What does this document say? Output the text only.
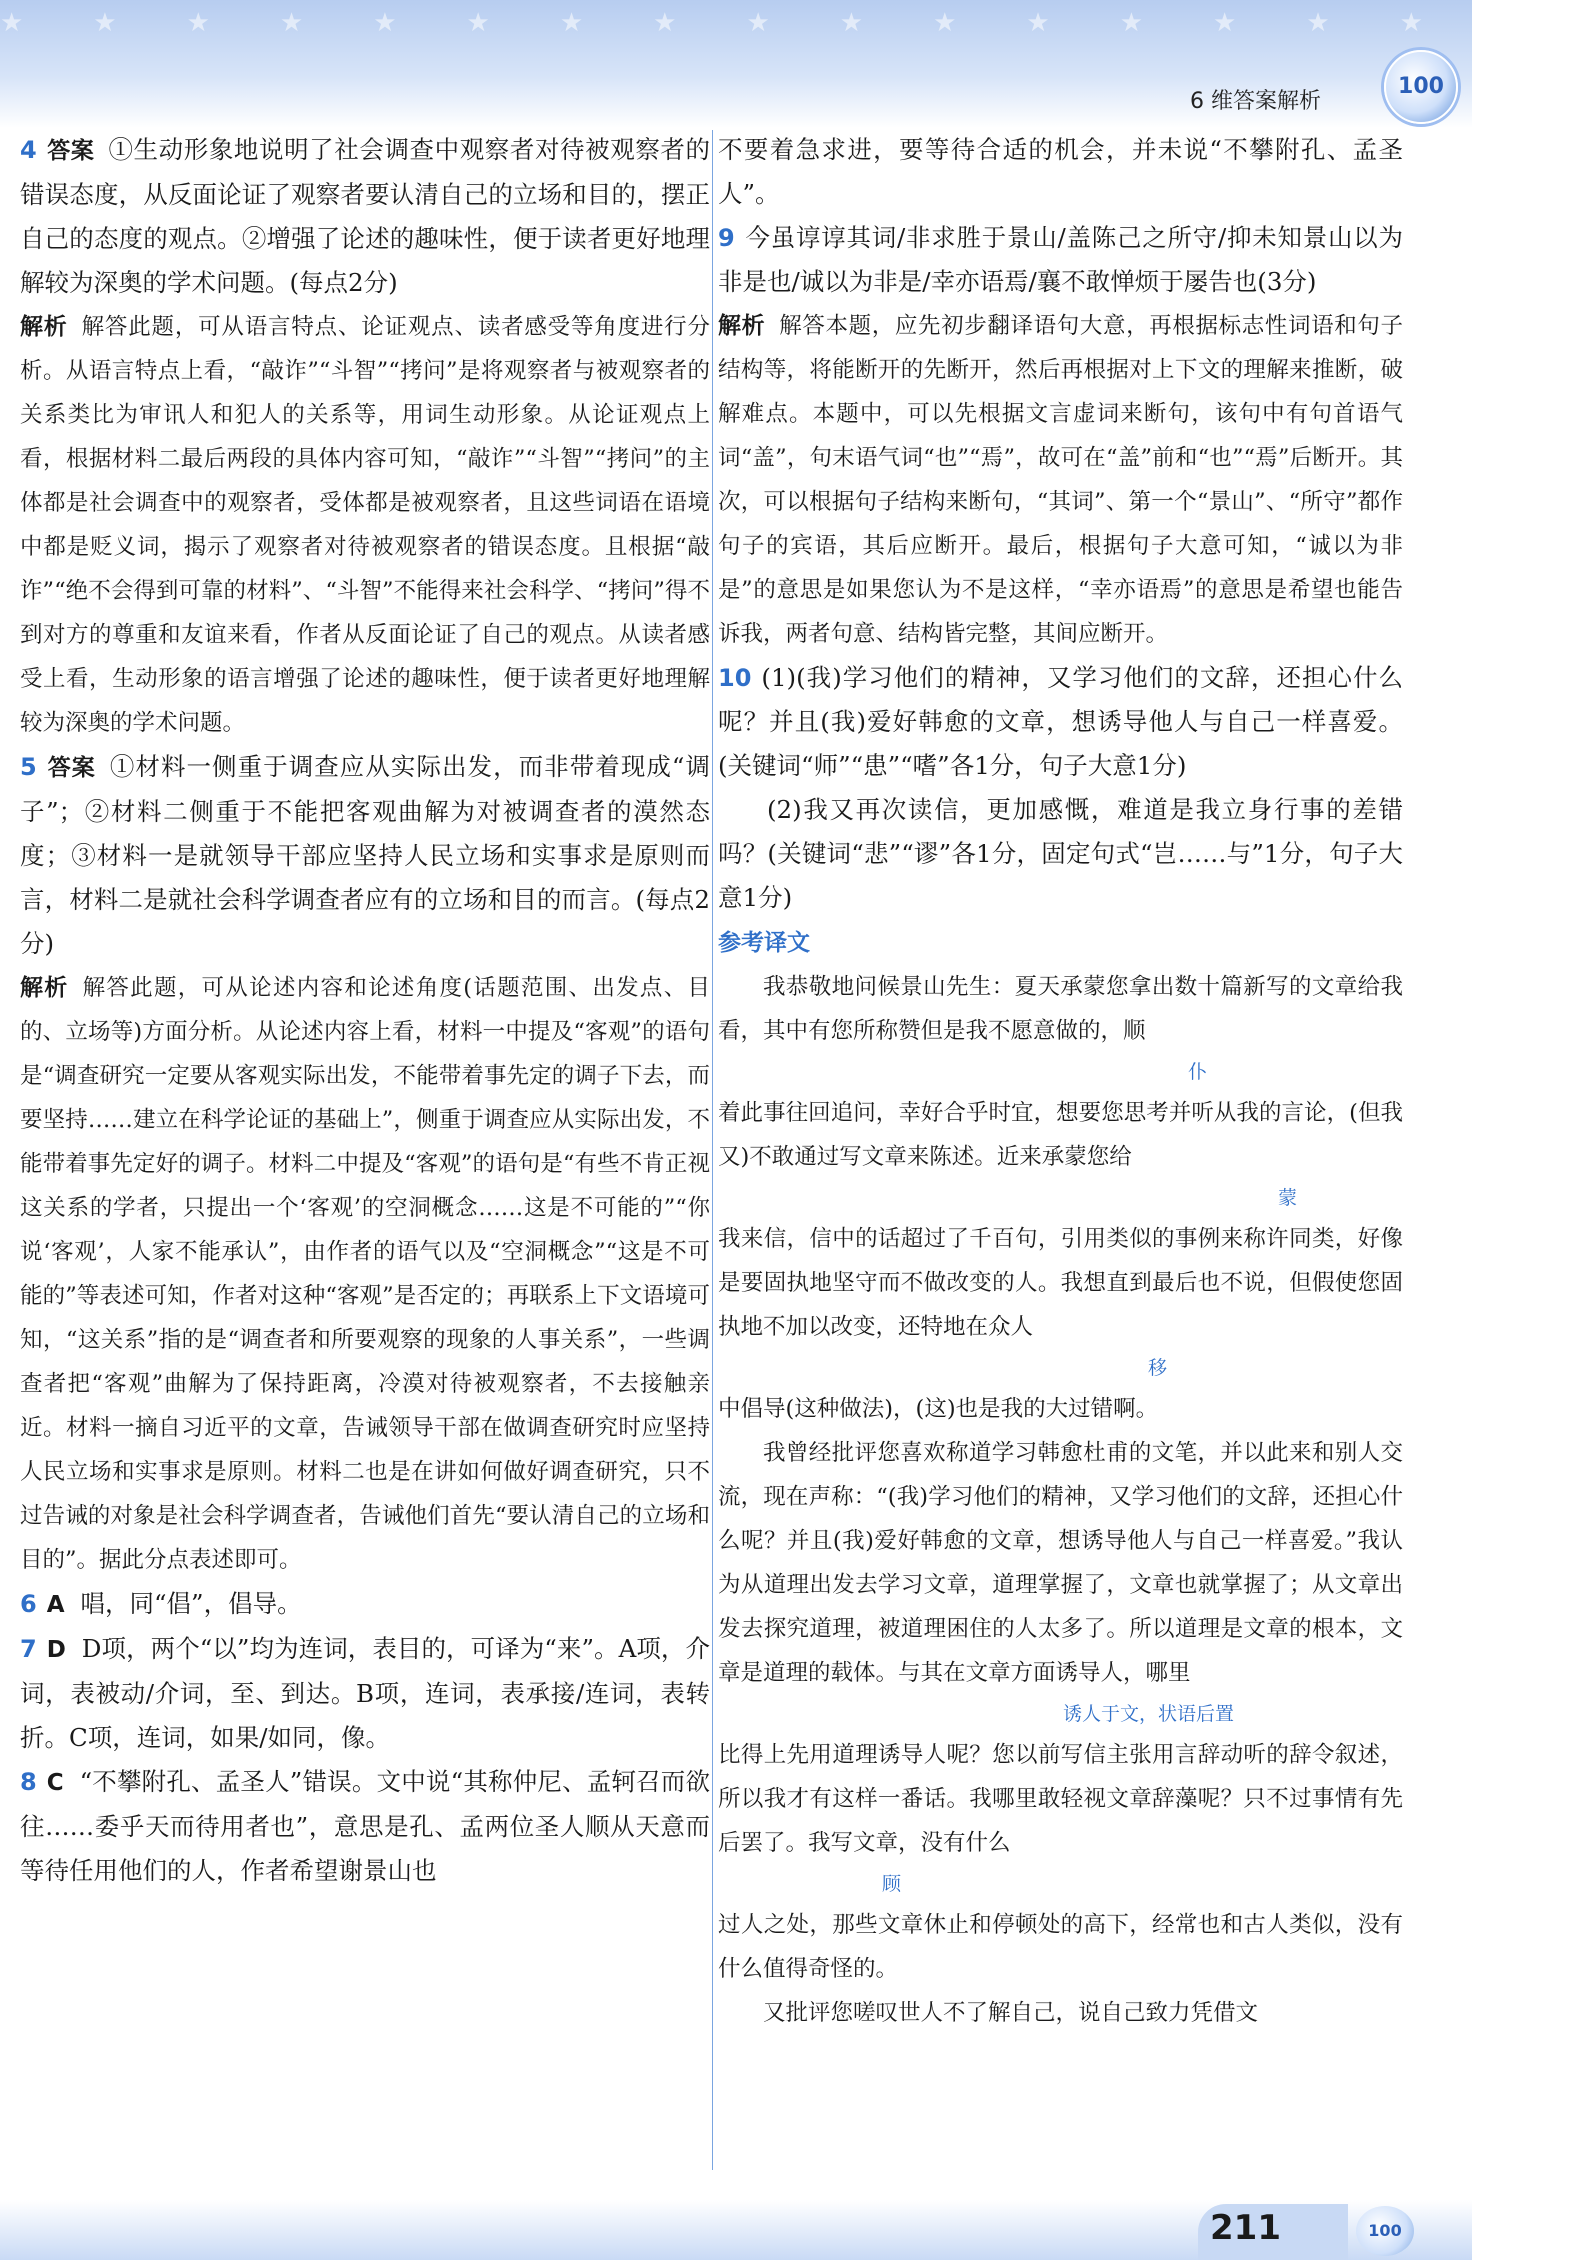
★★★★★★★★★★★★★★★★★
6 维答案解析
100

4 答案 ①生动形象地说明了社会调查中观察者对待被观察者的错误态度，从反面论证了观察者要认清自己的立场和目的，摆正自己的态度的观点。②增强了论述的趣味性，便于读者更好地理解较为深奥的学术问题。(每点2分)

解析 解答此题，可从语言特点、论证观点、读者感受等角度进行分析。从语言特点上看，“敲诈”“斗智”“拷问”是将观察者与被观察者的关系类比为审讯人和犯人的关系等，用词生动形象。从论证观点上看，根据材料二最后两段的具体内容可知，“敲诈”“斗智”“拷问”的主体都是社会调查中的观察者，受体都是被观察者，且这些词语在语境中都是贬义词，揭示了观察者对待被观察者的错误态度。且根据“敲诈”“绝不会得到可靠的材料”、“斗智”不能得来社会科学、“拷问”得不到对方的尊重和友谊来看，作者从反面论证了自己的观点。从读者感受上看，生动形象的语言增强了论述的趣味性，便于读者更好地理解较为深奥的学术问题。

5 答案 ①材料一侧重于调查应从实际出发，而非带着现成“调子”；②材料二侧重于不能把客观曲解为对被调查者的漠然态度；③材料一是就领导干部应坚持人民立场和实事求是原则而言，材料二是就社会科学调查者应有的立场和目的而言。(每点2分)

解析 解答此题，可从论述内容和论述角度(话题范围、出发点、目的、立场等)方面分析。从论述内容上看，材料一中提及“客观”的语句是“调查研究一定要从客观实际出发，不能带着事先定的调子下去，而要坚持……建立在科学论证的基础上”，侧重于调查应从实际出发，不能带着事先定好的调子。材料二中提及“客观”的语句是“有些不肯正视这关系的学者，只提出一个‘客观’的空洞概念……这是不可能的”“你说‘客观’，人家不能承认”，由作者的语气以及“空洞概念”“这是不可能的”等表述可知，作者对这种“客观”是否定的；再联系上下文语境可知，“这关系”指的是“调查者和所要观察的现象的人事关系”，一些调查者把“客观”曲解为了保持距离，冷漠对待被观察者，不去接触亲近。材料一摘自习近平的文章，告诫领导干部在做调查研究时应坚持人民立场和实事求是原则。材料二也是在讲如何做好调查研究，只不过告诫的对象是社会科学调查者，告诫他们首先“要认清自己的立场和目的”。据此分点表述即可。

6 A 唱，同“倡”，倡导。

7 D D项，两个“以”均为连词，表目的，可译为“来”。A项，介词，表被动/介词，至、到达。B项，连词，表承接/连词，表转折。C项，连词，如果/如同，像。

8 C “不攀附孔、孟圣人”错误。文中说“其称仲尼、孟轲召而欲往……委乎天而待用者也”，意思是孔、孟两位圣人顺从天意而等待任用他们的人，作者希望谢景山也

不要着急求进，要等待合适的机会，并未说“不攀附孔、孟圣人”。

9 今虽谆谆其词/非求胜于景山/盖陈己之所守/抑未知景山以为非是也/诚以为非是/幸亦语焉/襄不敢惮烦于屡告也(3分)

解析 解答本题，应先初步翻译语句大意，再根据标志性词语和句子结构等，将能断开的先断开，然后再根据对上下文的理解来推断，破解难点。本题中，可以先根据文言虚词来断句，该句中有句首语气词“盖”，句末语气词“也”“焉”，故可在“盖”前和“也”“焉”后断开。其次，可以根据句子结构来断句，“其词”、第一个“景山”、“所守”都作句子的宾语，其后应断开。最后，根据句子大意可知，“诚以为非是”的意思是如果您认为不是这样，“幸亦语焉”的意思是希望也能告诉我，两者句意、结构皆完整，其间应断开。

10 (1)(我)学习他们的精神，又学习他们的文辞，还担心什么呢？并且(我)爱好韩愈的文章，想诱导他人与自己一样喜爱。(关键词“师”“患”“嗜”各1分，句子大意1分)

(2)我又再次读信，更加感慨，难道是我立身行事的差错吗？(关键词“悲”“谬”各1分，固定句式“岂……与”1分，句子大意1分)

参考译文

我恭敬地问候景山先生：夏天承蒙您拿出数十篇新写的文章给我看，其中有您所称赞但是我不愿意做的，顺

仆

着此事往回追问，幸好合乎时宜，想要您思考并听从我的言论，(但我又)不敢通过写文章来陈述。近来承蒙您给

蒙

我来信，信中的话超过了千百句，引用类似的事例来称许同类，好像是要固执地坚守而不做改变的人。我想直到最后也不说，但假使您固执地不加以改变，还特地在众人

移

中倡导(这种做法)，(这)也是我的大过错啊。

我曾经批评您喜欢称道学习韩愈杜甫的文笔，并以此来和别人交流，现在声称：“(我)学习他们的精神，又学习他们的文辞，还担心什么呢？并且(我)爱好韩愈的文章，想诱导他人与自己一样喜爱。”我认为从道理出发去学习文章，道理掌握了，文章也就掌握了；从文章出发去探究道理，被道理困住的人太多了。所以道理是文章的根本，文章是道理的载体。与其在文章方面诱导人，哪里

诱人于文，状语后置

比得上先用道理诱导人呢？您以前写信主张用言辞动听的辞令叙述，所以我才有这样一番话。我哪里敢轻视文章辞藻呢？只不过事情有先后罢了。我写文章，没有什么

顾

过人之处，那些文章休止和停顿处的高下，经常也和古人类似，没有什么值得奇怪的。

又批评您嗟叹世人不了解自己，说自己致力凭借文

211	100
